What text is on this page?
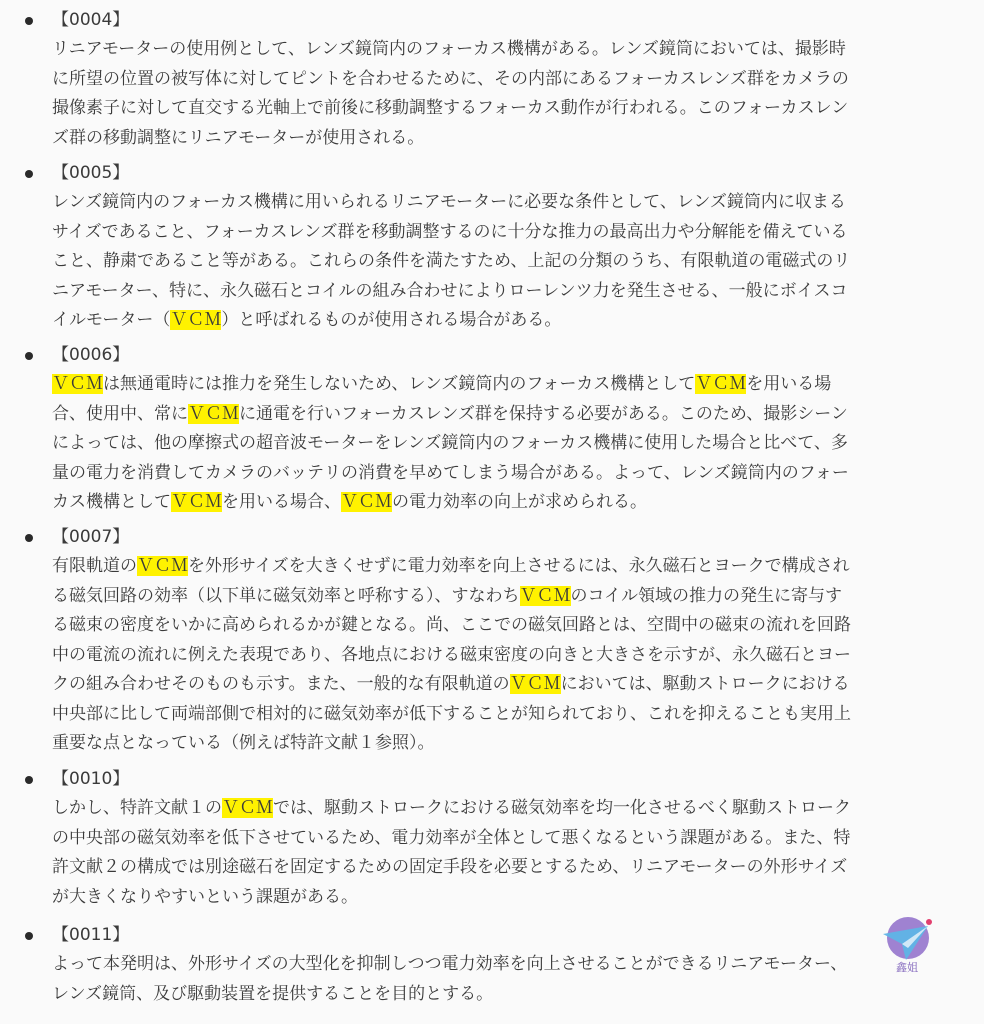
【0004】
リニアモーターの使用例として、レンズ鏡筒内のフォーカス機構がある。レンズ鏡筒においては、撮影時
に所望の位置の被写体に対してピントを合わせるために、その内部にあるフォーカスレンズ群をカメラの
撮像素子に対して直交する光軸上で前後に移動調整するフォーカス動作が行われる。このフォーカスレン
ズ群の移動調整にリニアモーターが使用される。
【0005】
レンズ鏡筒内のフォーカス機構に用いられるリニアモーターに必要な条件として、レンズ鏡筒内に収まる
サイズであること、フォーカスレンズ群を移動調整するのに十分な推力の最高出力や分解能を備えている
こと、静粛であること等がある。これらの条件を満たすため、上記の分類のうち、有限軌道の電磁式のリ
ニアモーター、特に、永久磁石とコイルの組み合わせによりローレンツ力を発生させる、一般にボイスコ
イルモーター（ＶＣＭ）と呼ばれるものが使用される場合がある。
【0006】
ＶＣＭは無通電時には推力を発生しないため、レンズ鏡筒内のフォーカス機構としてＶＣＭを用いる場
合、使用中、常にＶＣＭに通電を行いフォーカスレンズ群を保持する必要がある。このため、撮影シーン
によっては、他の摩擦式の超音波モーターをレンズ鏡筒内のフォーカス機構に使用した場合と比べて、多
量の電力を消費してカメラのバッテリの消費を早めてしまう場合がある。よって、レンズ鏡筒内のフォー
カス機構としてＶＣＭを用いる場合、ＶＣＭの電力効率の向上が求められる。
【0007】
有限軌道のＶＣＭを外形サイズを大きくせずに電力効率を向上させるには、永久磁石とヨークで構成され
る磁気回路の効率（以下単に磁気効率と呼称する）、すなわちＶＣＭのコイル領域の推力の発生に寄与す
る磁束の密度をいかに高められるかが鍵となる。尚、ここでの磁気回路とは、空間中の磁束の流れを回路
中の電流の流れに例えた表現であり、各地点における磁束密度の向きと大きさを示すが、永久磁石とヨー
クの組み合わせそのものも示す。また、一般的な有限軌道のＶＣＭにおいては、駆動ストロークにおける
中央部に比して両端部側で相対的に磁気効率が低下することが知られており、これを抑えることも実用上
重要な点となっている（例えば特許文献１参照）。
【0010】
しかし、特許文献１のＶＣＭでは、駆動ストロークにおける磁気効率を均一化させるべく駆動ストローク
の中央部の磁気効率を低下させているため、電力効率が全体として悪くなるという課題がある。また、特
許文献２の構成では別途磁石を固定するための固定手段を必要とするため、リニアモーターの外形サイズ
が大きくなりやすいという課題がある。
【0011】
よって本発明は、外形サイズの大型化を抑制しつつ電力効率を向上させることができるリニアモーター、
レンズ鏡筒、及び駆動装置を提供することを目的とする。
鑫姐
